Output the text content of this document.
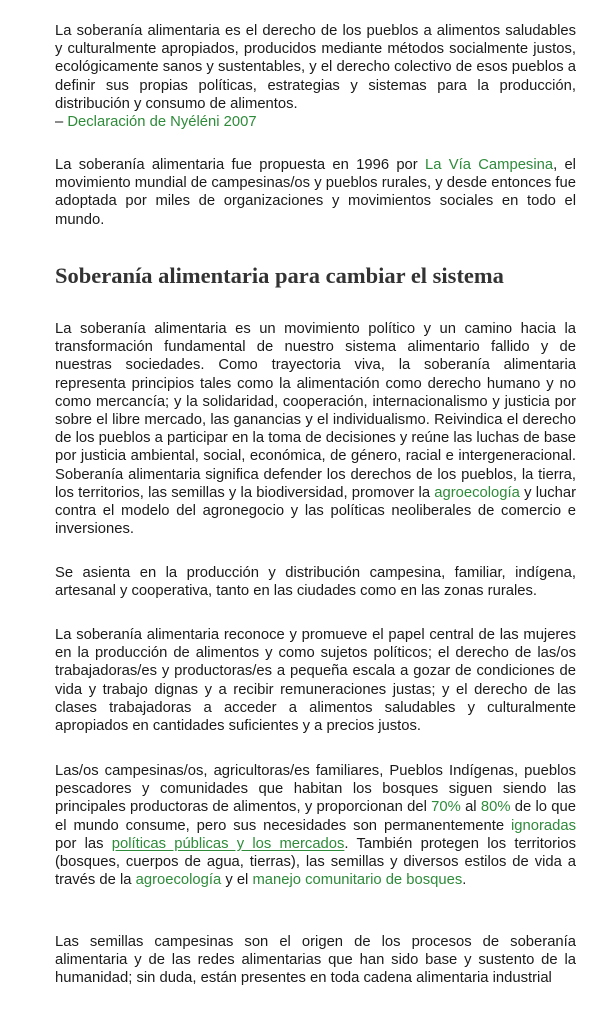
La soberanía alimentaria es el derecho de los pueblos a alimentos saludables y culturalmente apropiados, producidos mediante métodos socialmente justos, ecológicamente sanos y sustentables, y el derecho colectivo de esos pueblos a definir sus propias políticas, estrategias y sistemas para la producción, distribución y consumo de alimentos.
– Declaración de Nyéléni 2007

La soberanía alimentaria fue propuesta en 1996 por La Vía Campesina, el movimiento mundial de campesinas/os y pueblos rurales, y desde entonces fue adoptada por miles de organizaciones y movimientos sociales en todo el mundo.

Soberanía alimentaria para cambiar el sistema

La soberanía alimentaria es un movimiento político y un camino hacia la transformación fundamental de nuestro sistema alimentario fallido y de nuestras sociedades. Como trayectoria viva, la soberanía alimentaria representa principios tales como la alimentación como derecho humano y no como mercancía; y la solidaridad, cooperación, internacionalismo y justicia por sobre el libre mercado, las ganancias y el individualismo. Reivindica el derecho de los pueblos a participar en la toma de decisiones y reúne las luchas de base por justicia ambiental, social, económica, de género, racial e intergeneracional. Soberanía alimentaria significa defender los derechos de los pueblos, la tierra, los territorios, las semillas y la biodiversidad, promover la agroecología y luchar contra el modelo del agronegocio y las políticas neoliberales de comercio e inversiones.

Se asienta en la producción y distribución campesina, familiar, indígena, artesanal y cooperativa, tanto en las ciudades como en las zonas rurales.

La soberanía alimentaria reconoce y promueve el papel central de las mujeres en la producción de alimentos y como sujetos políticos; el derecho de las/os trabajadoras/es y productoras/es a pequeña escala a gozar de condiciones de vida y trabajo dignas y a recibir remuneraciones justas; y el derecho de las clases trabajadoras a acceder a alimentos saludables y culturalmente apropiados en cantidades suficientes y a precios justos.

Las/os campesinas/os, agricultoras/es familiares, Pueblos Indígenas, pueblos pescadores y comunidades que habitan los bosques siguen siendo las principales productoras de alimentos, y proporcionan del 70% al 80% de lo que el mundo consume, pero sus necesidades son permanentemente ignoradas por las políticas públicas y los mercados. También protegen los territorios (bosques, cuerpos de agua, tierras), las semillas y diversos estilos de vida a través de la agroecología y el manejo comunitario de bosques.

Las semillas campesinas son el origen de los procesos de soberanía alimentaria y de las redes alimentarias que han sido base y sustento de la humanidad; sin duda, están presentes en toda cadena alimentaria industrial
